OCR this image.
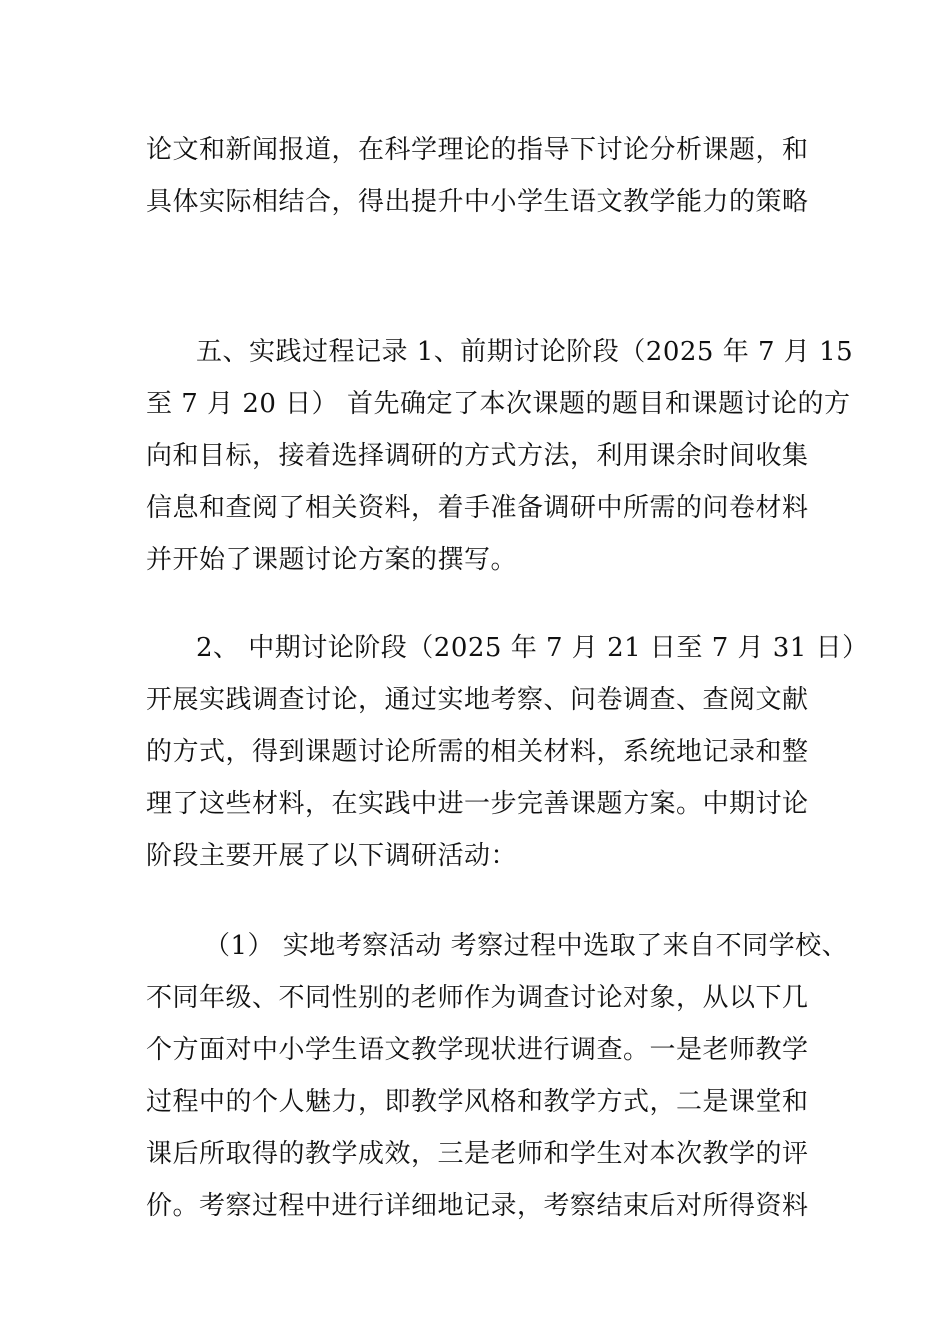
论文和新闻报道，在科学理论的指导下讨论分析课题，和
具体实际相结合，得出提升中小学生语文教学能力的策略

五、实践过程记录 1、前期讨论阶段（2025 年 7 月 15
至 7 月 20 日） 首先确定了本次课题的题目和课题讨论的方
向和目标，接着选择调研的方式方法，利用课余时间收集
信息和查阅了相关资料，着手准备调研中所需的问卷材料
并开始了课题讨论方案的撰写。

2、 中期讨论阶段（2025 年 7 月 21 日至 7 月 31 日）
开展实践调查讨论，通过实地考察、问卷调查、查阅文献
的方式，得到课题讨论所需的相关材料，系统地记录和整
理了这些材料，在实践中进一步完善课题方案。中期讨论
阶段主要开展了以下调研活动：

（1） 实地考察活动 考察过程中选取了来自不同学校、
不同年级、不同性别的老师作为调查讨论对象，从以下几
个方面对中小学生语文教学现状进行调查。一是老师教学
过程中的个人魅力，即教学风格和教学方式，二是课堂和
课后所取得的教学成效，三是老师和学生对本次教学的评
价。考察过程中进行详细地记录，考察结束后对所得资料
